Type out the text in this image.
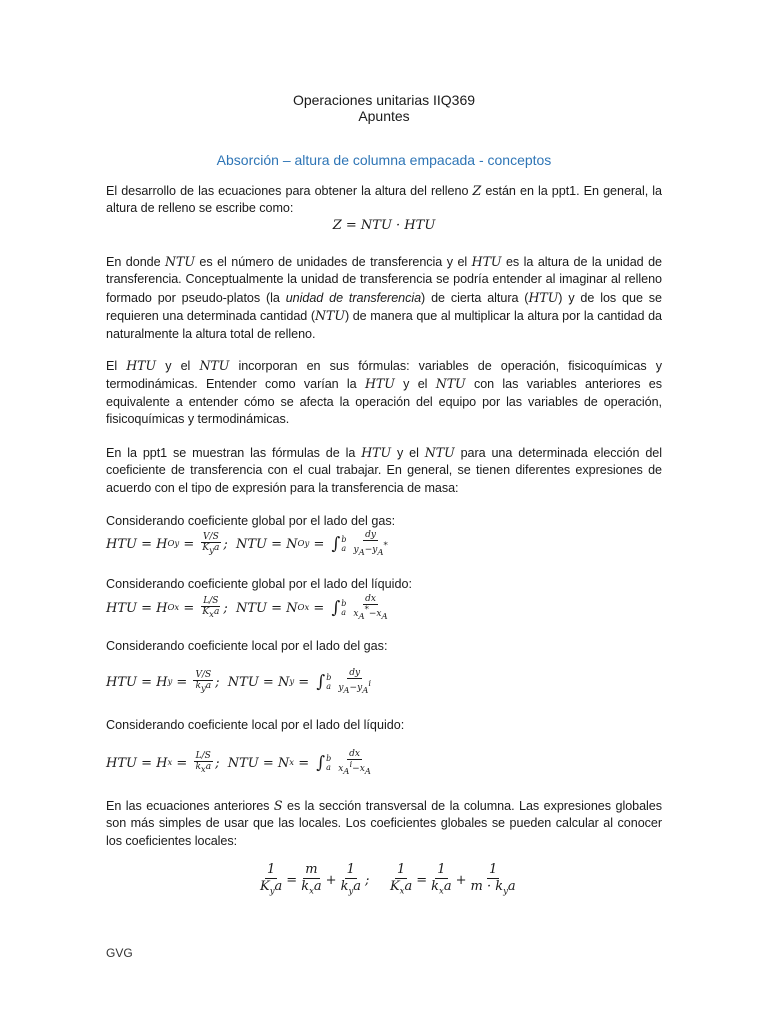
Operaciones unitarias IIQ369
Apuntes
Absorción – altura de columna empacada - conceptos
El desarrollo de las ecuaciones para obtener la altura del relleno Z están en la ppt1. En general, la altura de relleno se escribe como:
Z = NTU · HTU
En donde NTU es el número de unidades de transferencia y el HTU es la altura de la unidad de transferencia. Conceptualmente la unidad de transferencia se podría entender al imaginar al relleno formado por pseudo-platos (la unidad de transferencia) de cierta altura (HTU) y de los que se requieren una determinada cantidad (NTU) de manera que al multiplicar la altura por la cantidad da naturalmente la altura total de relleno.
El HTU y el NTU incorporan en sus fórmulas: variables de operación, fisicoquímicas y termodinámicas. Entender como varían la HTU y el NTU con las variables anteriores es equivalente a entender cómo se afecta la operación del equipo por las variables de operación, fisicoquímicas y termodinámicas.
En la ppt1 se muestran las fórmulas de la HTU y el NTU para una determinada elección del coeficiente de transferencia con el cual trabajar. En general, se tienen diferentes expresiones de acuerdo con el tipo de expresión para la transferencia de masa:
Considerando coeficiente global por el lado del gas:
HTU = H $Oy = \frac{V/S}{K_ya}$ ;  NTU = N Oy = ∫ b
a $\frac{dy}{y_A-y_A^*}$
Considerando coeficiente global por el lado del líquido:
HTU = H $Ox = \frac{L/S}{K_xa}$ ;  NTU = N Ox = ∫ b
a $\frac{dx}{x_A^*-x_A}$
Considerando coeficiente local por el lado del gas:
HTU = H $y = \frac{V/S}{k_ya}$ ;  NTU = N y = ∫ b
a $\frac{dy}{y_A-y_A^i}$
Considerando coeficiente local por el lado del líquido:
HTU = H $x = \frac{L/S}{k_xa}$ ;  NTU = N x = ∫ b
a $\frac{dx}{x_A^i-x_A}$
En las ecuaciones anteriores S es la sección transversal de la columna. Las expresiones globales son más simples de usar que las locales. Los coeficientes globales se pueden calcular al conocer los coeficientes locales:
$\frac{1}{K_ya} = \frac{m}{k_xa} + \frac{1}{k_ya}$ ; $\frac{1}{K_xa} = \frac{1}{k_xa} + \frac{1}{m \cdot k_ya}$
GVG
